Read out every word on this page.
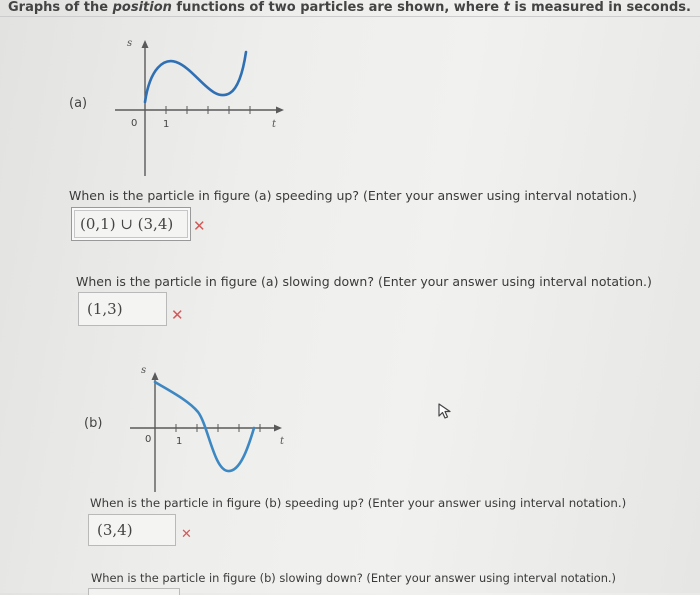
Graphs of the position functions of two particles are shown, where t is measured in seconds.
(a)
s
t
0	1
When is the particle in figure (a) speeding up? (Enter your answer using interval notation.)
(0,1) ∪ (3,4)	✕
When is the particle in figure (a) slowing down? (Enter your answer using interval notation.)
(1,3)	✕
(b)
s
t
0 1
When is the particle in figure (b) speeding up? (Enter your answer using interval notation.)
(3,4)	✕
When is the particle in figure (b) slowing down? (Enter your answer using interval notation.)
